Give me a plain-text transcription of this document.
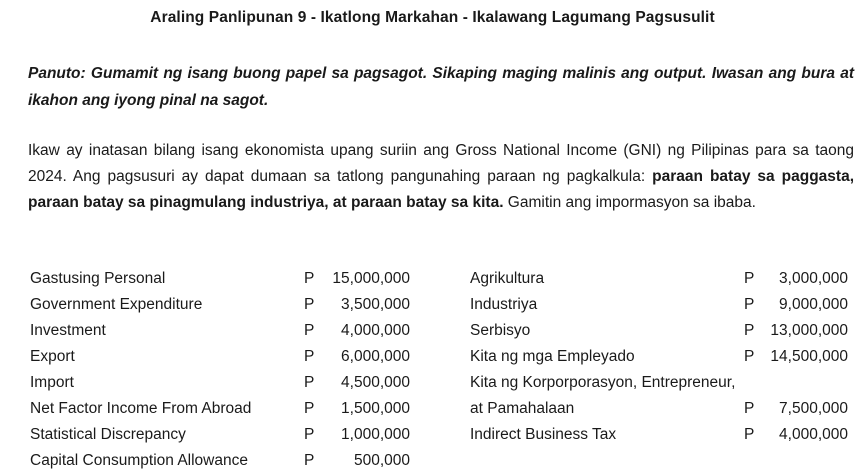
Araling Panlipunan 9 - Ikatlong Markahan - Ikalawang Lagumang Pagsusulit
Panuto: Gumamit ng isang buong papel sa pagsagot. Sikaping maging malinis ang output. Iwasan ang bura at ikahon ang iyong pinal na sagot.
Ikaw ay inatasan bilang isang ekonomista upang suriin ang Gross National Income (GNI) ng Pilipinas para sa taong 2024. Ang pagsusuri ay dapat dumaan sa tatlong pangunahing paraan ng pagkalkula: paraan batay sa paggasta, paraan batay sa pinagmulang industriya, at paraan batay sa kita. Gamitin ang impormasyon sa ibaba.
Gastusing Personal	P 15,000,000
Government Expenditure	P 3,500,000
Investment	P 4,000,000
Export	P 6,000,000
Import	P 4,500,000
Net Factor Income From Abroad	P 1,500,000
Statistical Discrepancy	P 1,000,000
Capital Consumption Allowance	P	500,000
Agrikultura	P 3,000,000
Industriya	P 9,000,000
Serbisyo	P 13,000,000
Kita ng mga Empleyado	P 14,500,000
Kita ng Korporporasyon, Entrepreneur,
at Pamahalaan	P 7,500,000
Indirect Business Tax	P 4,000,000
